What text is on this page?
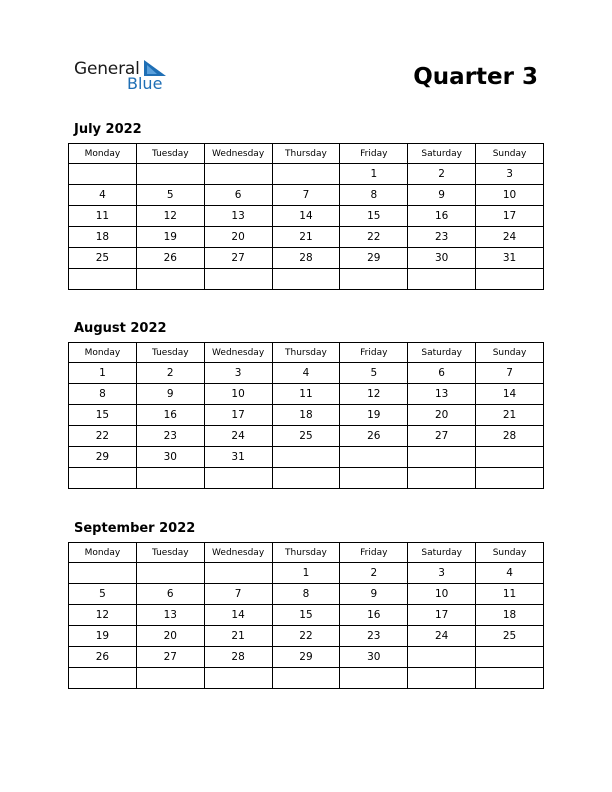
General
Blue	Quarter 3
July 2022
Monday	Tuesday	Wednesday	Thursday	Friday	Saturday	Sunday
				1	2	3
4	5	6	7	8	9	10
11	12	13	14	15	16	17
18	19	20	21	22	23	24
25	26	27	28	29	30	31

August 2022
Monday	Tuesday	Wednesday	Thursday	Friday	Saturday	Sunday
1	2	3	4	5	6	7
8	9	10	11	12	13	14
15	16	17	18	19	20	21
22	23	24	25	26	27	28
29	30	31				

September 2022
Monday	Tuesday	Wednesday	Thursday	Friday	Saturday	Sunday
			1	2	3	4
5	6	7	8	9	10	11
12	13	14	15	16	17	18
19	20	21	22	23	24	25
26	27	28	29	30		
